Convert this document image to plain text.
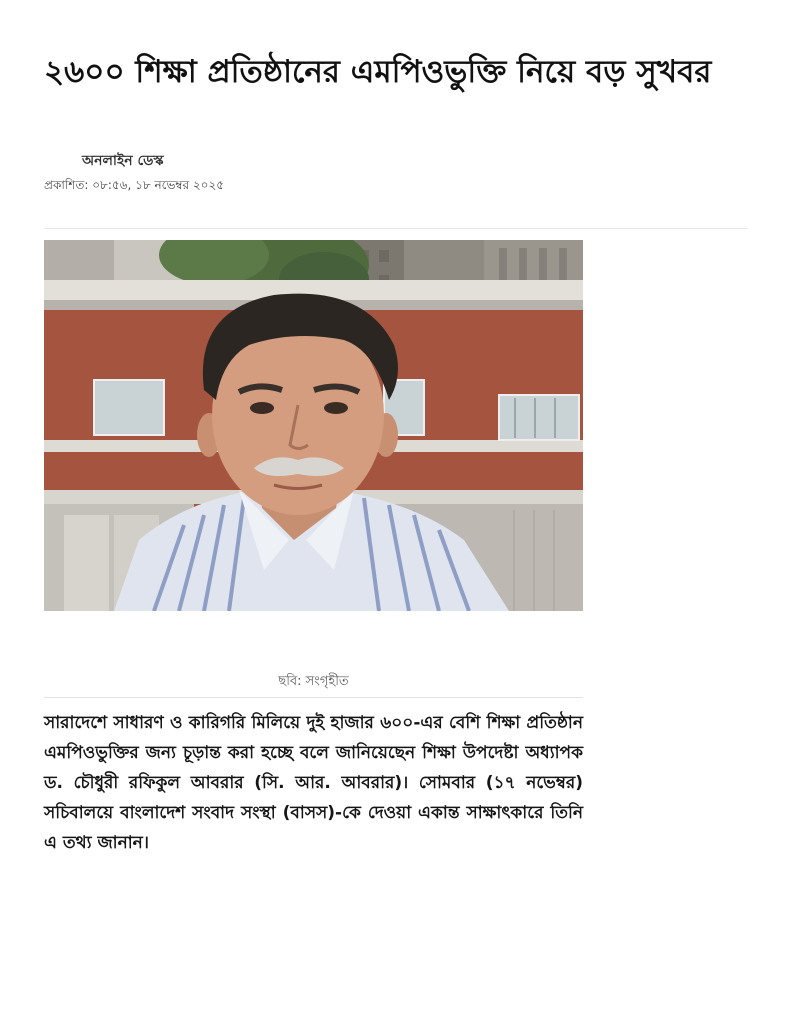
২৬০০ শিক্ষা প্রতিষ্ঠানের এমপিওভুক্তি নিয়ে বড় সুখবর
অনলাইন ডেস্ক
প্রকাশিত: ০৮:৫৬, ১৮ নভেম্বর ২০২৫
ছবি: সংগৃহীত

সারাদেশে সাধারণ ও কারিগরি মিলিয়ে দুই হাজার ৬০০-এর বেশি শিক্ষা প্রতিষ্ঠান এমপিওভুক্তির জন্য চূড়ান্ত করা হচ্ছে বলে জানিয়েছেন শিক্ষা উপদেষ্টা অধ্যাপক ড. চৌধুরী রফিকুল আবরার (সি. আর. আবরার)। সোমবার (১৭ নভেম্বর) সচিবালয়ে বাংলাদেশ সংবাদ সংস্থা (বাসস)-কে দেওয়া একান্ত সাক্ষাৎকারে তিনি এ তথ্য জানান।
